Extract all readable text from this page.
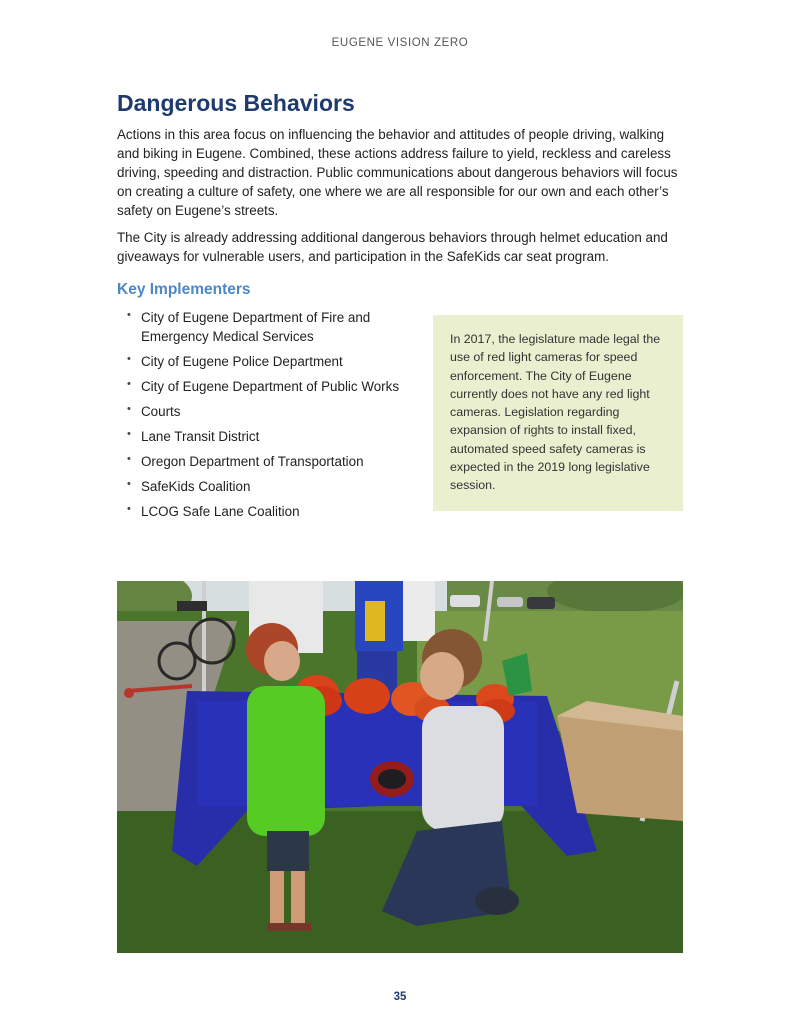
EUGENE VISION ZERO
Dangerous Behaviors

Actions in this area focus on influencing the behavior and attitudes of people driving, walking and biking in Eugene. Combined, these actions address failure to yield, reckless and careless driving, speeding and distraction. Public communications about dangerous behaviors will focus on creating a culture of safety, one where we are all responsible for our own and each other’s safety on Eugene’s streets.

The City is already addressing additional dangerous behaviors through helmet education and giveaways for vulnerable users, and participation in the SafeKids car seat program.

Key Implementers
• City of Eugene Department of Fire and Emergency Medical Services
• City of Eugene Police Department
• City of Eugene Department of Public Works
• Courts
• Lane Transit District
• Oregon Department of Transportation
• SafeKids Coalition
• LCOG Safe Lane Coalition

In 2017, the legislature made legal the use of red light cameras for speed enforcement. The City of Eugene currently does not have any red light cameras. Legislation regarding expansion of rights to install fixed, automated speed safety cameras is expected in the 2019 long legislative session.

35
